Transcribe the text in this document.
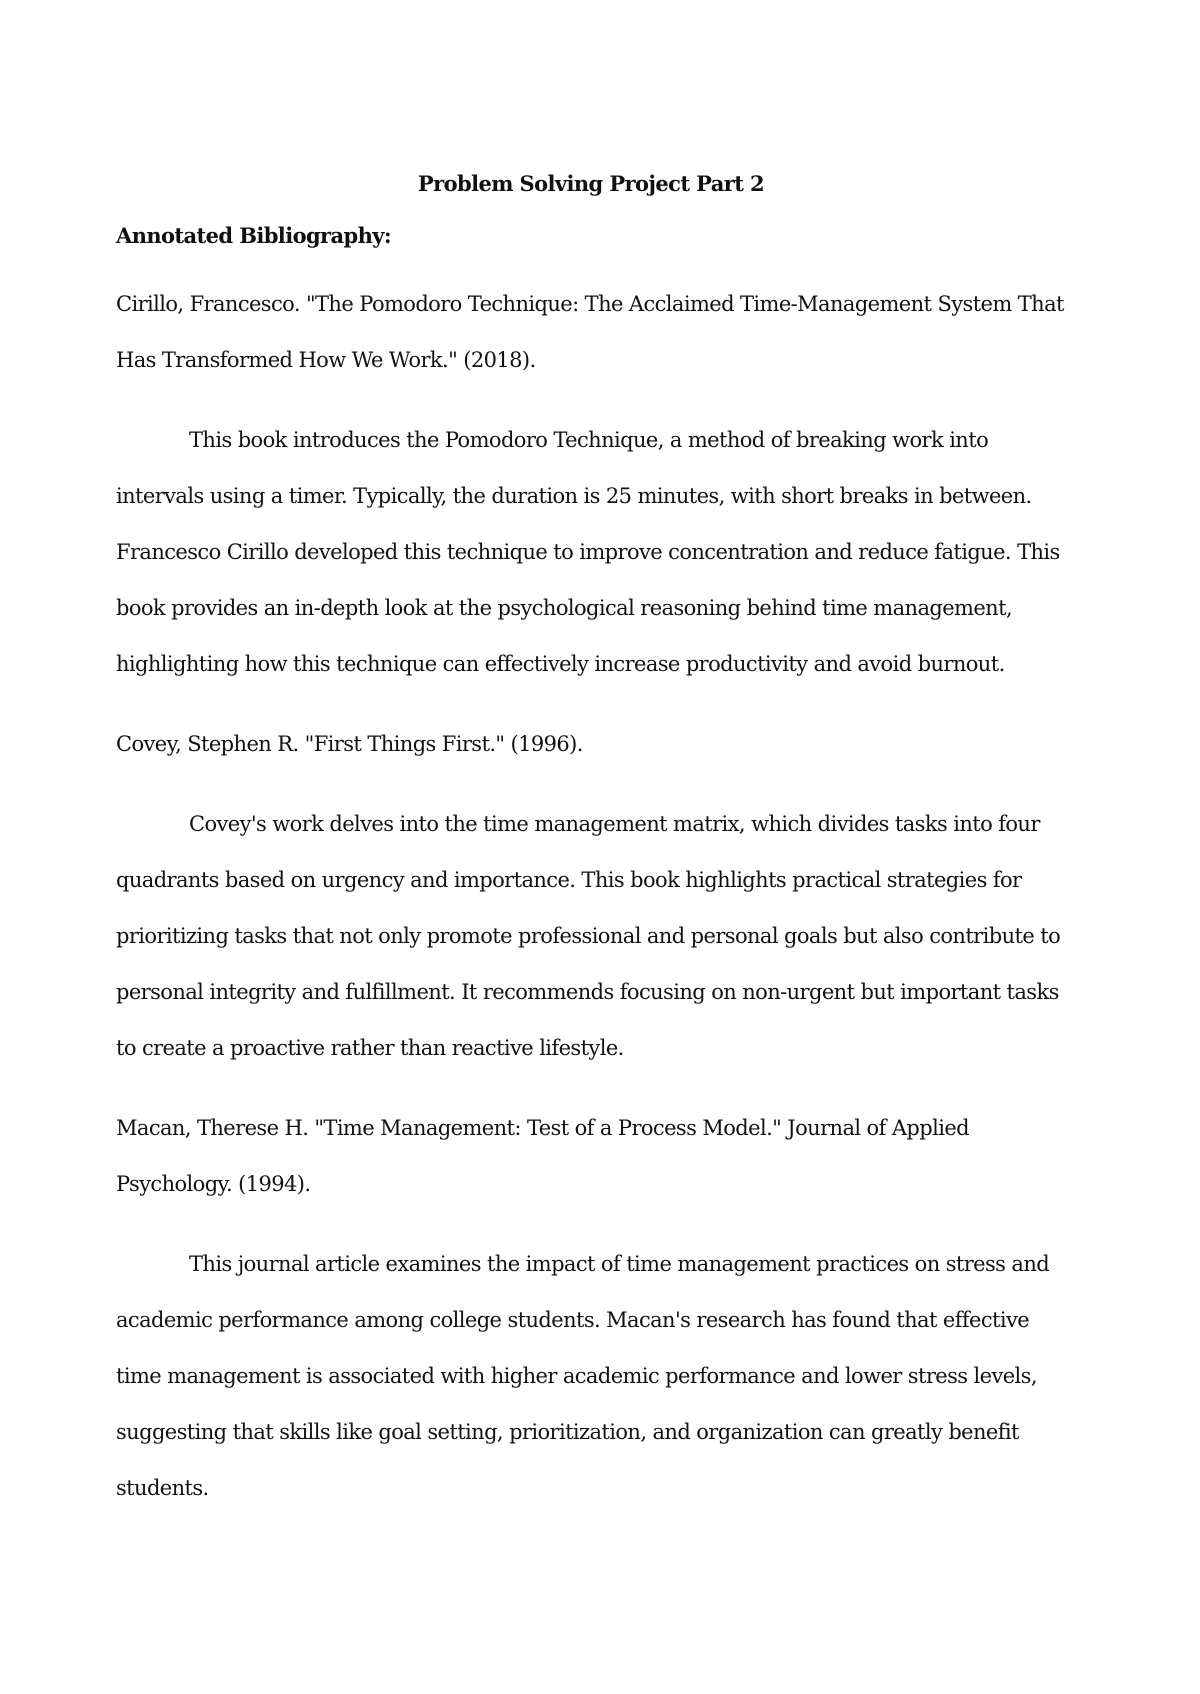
Problem Solving Project Part 2

Annotated Bibliography:

Cirillo, Francesco. "The Pomodoro Technique: The Acclaimed Time-Management System That Has Transformed How We Work." (2018).

This book introduces the Pomodoro Technique, a method of breaking work into intervals using a timer. Typically, the duration is 25 minutes, with short breaks in between. Francesco Cirillo developed this technique to improve concentration and reduce fatigue. This book provides an in-depth look at the psychological reasoning behind time management, highlighting how this technique can effectively increase productivity and avoid burnout.

Covey, Stephen R. "First Things First." (1996).

Covey's work delves into the time management matrix, which divides tasks into four quadrants based on urgency and importance. This book highlights practical strategies for prioritizing tasks that not only promote professional and personal goals but also contribute to personal integrity and fulfillment. It recommends focusing on non-urgent but important tasks to create a proactive rather than reactive lifestyle.

Macan, Therese H. "Time Management: Test of a Process Model." Journal of Applied Psychology. (1994).

This journal article examines the impact of time management practices on stress and academic performance among college students. Macan's research has found that effective time management is associated with higher academic performance and lower stress levels, suggesting that skills like goal setting, prioritization, and organization can greatly benefit students.
